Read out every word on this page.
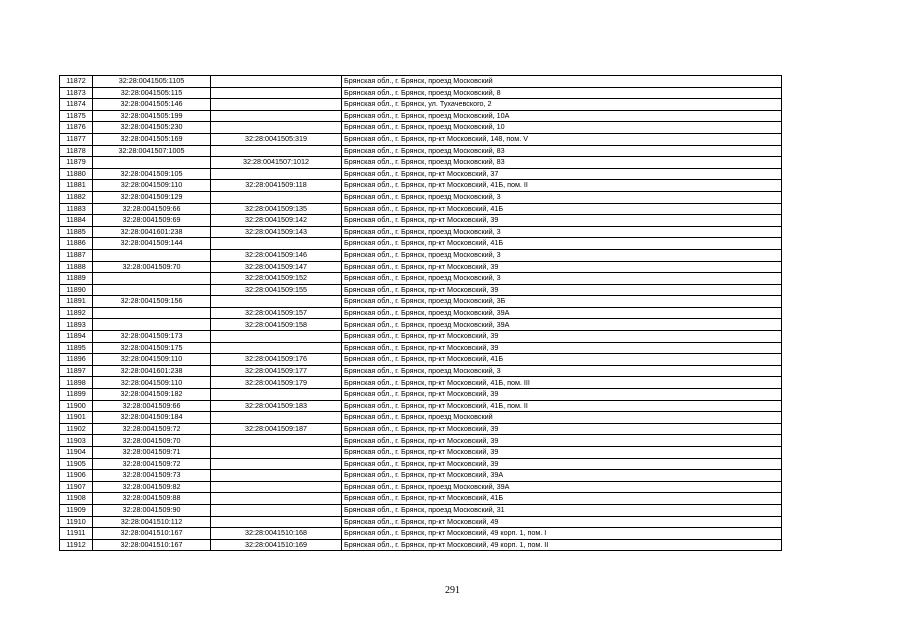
11872	32:28:0041505:1105		Брянская обл., г. Брянск, проезд Московский
11873	32:28:0041505:115		Брянская обл., г. Брянск, проезд Московский, 8
11874	32:28:0041505:146		Брянская обл., г. Брянск, ул. Тухачевского, 2
11875	32:28:0041505:199		Брянская обл., г. Брянск, проезд Московский, 10А
11876	32:28:0041505:230		Брянская обл., г. Брянск, проезд Московский, 10
11877	32:28:0041505:169	32:28:0041505:319	Брянская обл., г. Брянск, пр-кт Московский, 148, пом. V
11878	32:28:0041507:1005		Брянская обл., г. Брянск, проезд Московский, 83
11879		32:28:0041507:1012	Брянская обл., г. Брянск, проезд Московский, 83
11880	32:28:0041509:105		Брянская обл., г. Брянск, пр-кт Московский, 37
11881	32:28:0041509:110	32:28:0041509:118	Брянская обл., г. Брянск, пр-кт Московский, 41Б, пом. II
11882	32:28:0041509:129		Брянская обл., г. Брянск, проезд Московский, 3
11883	32:28:0041509:66	32:28:0041509:135	Брянская обл., г. Брянск, пр-кт Московский, 41Б
11884	32:28:0041509:69	32:28:0041509:142	Брянская обл., г. Брянск, пр-кт Московский, 39
11885	32:28:0041601:238	32:28:0041509:143	Брянская обл., г. Брянск, проезд Московский, 3
11886	32:28:0041509:144		Брянская обл., г. Брянск, пр-кт Московский, 41Б
11887		32:28:0041509:146	Брянская обл., г. Брянск, проезд Московский, 3
11888	32:28:0041509:70	32:28:0041509:147	Брянская обл., г. Брянск, пр-кт Московский, 39
11889		32:28:0041509:152	Брянская обл., г. Брянск, проезд Московский, 3
11890		32:28:0041509:155	Брянская обл., г. Брянск, пр-кт Московский, 39
11891	32:28:0041509:156		Брянская обл., г. Брянск, проезд Московский, 3Б
11892		32:28:0041509:157	Брянская обл., г. Брянск, проезд Московский, 39А
11893		32:28:0041509:158	Брянская обл., г. Брянск, проезд Московский, 39А
11894	32:28:0041509:173		Брянская обл., г. Брянск, пр-кт Московский, 39
11895	32:28:0041509:175		Брянская обл., г. Брянск, пр-кт Московский, 39
11896	32:28:0041509:110	32:28:0041509:176	Брянская обл., г. Брянск, пр-кт Московский, 41Б
11897	32:28:0041601:238	32:28:0041509:177	Брянская обл., г. Брянск, проезд Московский, 3
11898	32:28:0041509:110	32:28:0041509:179	Брянская обл., г. Брянск, пр-кт Московский, 41Б, пом. III
11899	32:28:0041509:182		Брянская обл., г. Брянск, пр-кт Московский, 39
11900	32:28:0041509:66	32:28:0041509:183	Брянская обл., г. Брянск, пр-кт Московский, 41Б, пом. II
11901	32:28:0041509:184		Брянская обл., г. Брянск, проезд Московский
11902	32:28:0041509:72	32:28:0041509:187	Брянская обл., г. Брянск, пр-кт Московский, 39
11903	32:28:0041509:70		Брянская обл., г. Брянск, пр-кт Московский, 39
11904	32:28:0041509:71		Брянская обл., г. Брянск, пр-кт Московский, 39
11905	32:28:0041509:72		Брянская обл., г. Брянск, пр-кт Московский, 39
11906	32:28:0041509:73		Брянская обл., г. Брянск, пр-кт Московский, 39А
11907	32:28:0041509:82		Брянская обл., г. Брянск, проезд Московский, 39А
11908	32:28:0041509:88		Брянская обл., г. Брянск, пр-кт Московский, 41Б
11909	32:28:0041509:90		Брянская обл., г. Брянск, проезд Московский, 31
11910	32:28:0041510:112		Брянская обл., г. Брянск, пр-кт Московский, 49
11911	32:28:0041510:167	32:28:0041510:168	Брянская обл., г. Брянск, пр-кт Московский, 49 корп. 1, пом. I
11912	32:28:0041510:167	32:28:0041510:169	Брянская обл., г. Брянск, пр-кт Московский, 49 корп. 1, пом. II
291
